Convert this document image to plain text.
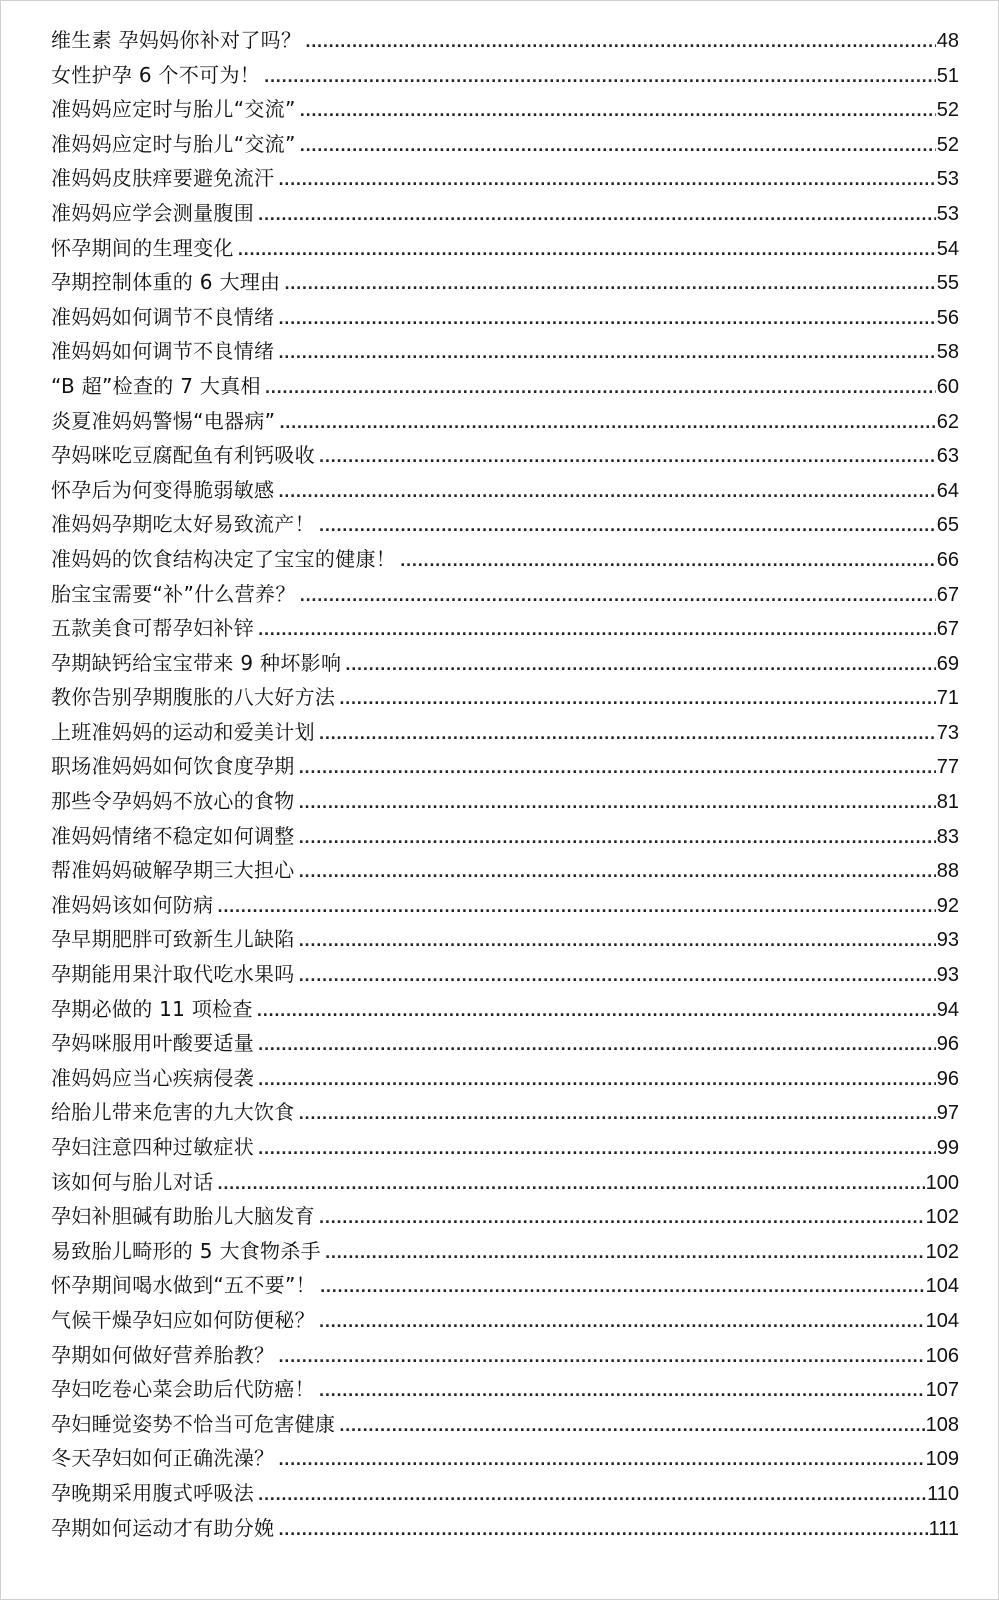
维生素 孕妈妈你补对了吗？ .....	48
女性护孕 6 个不可为！ .....	51
准妈妈应定时与胎儿“交流” .....	52
准妈妈应定时与胎儿“交流” .....	52
准妈妈皮肤痒要避免流汗 .....	53
准妈妈应学会测量腹围 .....	53
怀孕期间的生理变化 .....	54
孕期控制体重的 6 大理由 .....	55
准妈妈如何调节不良情绪 .....	56
准妈妈如何调节不良情绪 .....	58
“B 超”检查的 7 大真相 .....	60
炎夏准妈妈警惕“电器病” .....	62
孕妈咪吃豆腐配鱼有利钙吸收 .....	63
怀孕后为何变得脆弱敏感 .....	64
准妈妈孕期吃太好易致流产！ .....	65
准妈妈的饮食结构决定了宝宝的健康！ .....	66
胎宝宝需要“补”什么营养？ .....	67
五款美食可帮孕妇补锌 .....	67
孕期缺钙给宝宝带来 9 种坏影响 .....	69
教你告别孕期腹胀的八大好方法 .....	71
上班准妈妈的运动和爱美计划 .....	73
职场准妈妈如何饮食度孕期 .....	77
那些令孕妈妈不放心的食物 .....	81
准妈妈情绪不稳定如何调整 .....	83
帮准妈妈破解孕期三大担心 .....	88
准妈妈该如何防病 .....	92
孕早期肥胖可致新生儿缺陷 .....	93
孕期能用果汁取代吃水果吗 .....	93
孕期必做的 11 项检查 .....	94
孕妈咪服用叶酸要适量 .....	96
准妈妈应当心疾病侵袭 .....	96
给胎儿带来危害的九大饮食 .....	97
孕妇注意四种过敏症状 .....	99
该如何与胎儿对话 .....	100
孕妇补胆碱有助胎儿大脑发育 .....	102
易致胎儿畸形的 5 大食物杀手 .....	102
怀孕期间喝水做到“五不要”！ .....	104
气候干燥孕妇应如何防便秘？ .....	104
孕期如何做好营养胎教？ .....	106
孕妇吃卷心菜会助后代防癌！ .....	107
孕妇睡觉姿势不恰当可危害健康 .....	108
冬天孕妇如何正确洗澡？ .....	109
孕晚期采用腹式呼吸法 .....	110
孕期如何运动才有助分娩 .....	111
